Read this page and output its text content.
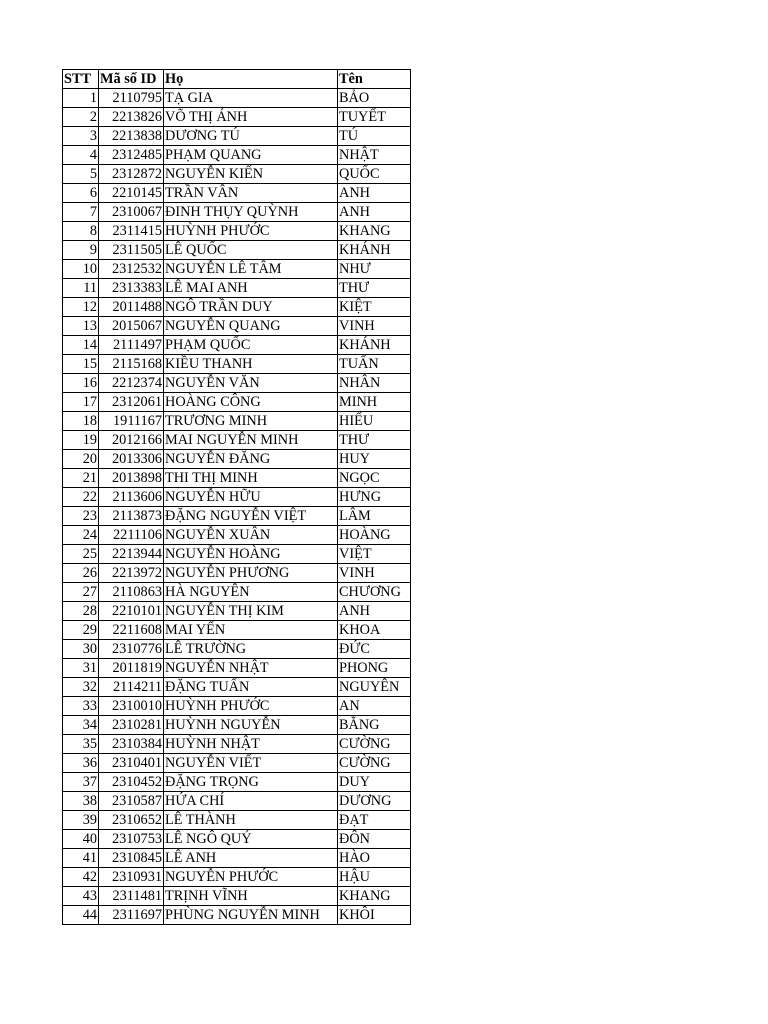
STT	Mã số ID	Họ	Tên
1	2110795	TẠ GIA	BẢO
2	2213826	VÕ THỊ ÁNH	TUYẾT
3	2213838	DƯƠNG TÚ	TÚ
4	2312485	PHẠM QUANG	NHẬT
5	2312872	NGUYỄN KIẾN	QUỐC
6	2210145	TRẦN VÂN	ANH
7	2310067	ĐINH THỤY QUỲNH	ANH
8	2311415	HUỲNH PHƯỚC	KHANG
9	2311505	LÊ QUỐC	KHÁNH
10	2312532	NGUYỄN LÊ TÂM	NHƯ
11	2313383	LÊ MAI ANH	THƯ
12	2011488	NGÔ TRẦN DUY	KIỆT
13	2015067	NGUYỄN QUANG	VINH
14	2111497	PHẠM QUỐC	KHÁNH
15	2115168	KIỀU THANH	TUẤN
16	2212374	NGUYỄN VĂN	NHÂN
17	2312061	HOÀNG CÔNG	MINH
18	1911167	TRƯƠNG MINH	HIẾU
19	2012166	MAI NGUYỄN MINH	THƯ
20	2013306	NGUYỄN ĐĂNG	HUY
21	2013898	THI THỊ MINH	NGỌC
22	2113606	NGUYỄN HỮU	HƯNG
23	2113873	ĐẶNG NGUYỄN VIỆT	LÂM
24	2211106	NGUYỄN XUÂN	HOÀNG
25	2213944	NGUYỄN HOÀNG	VIỆT
26	2213972	NGUYỄN PHƯƠNG	VINH
27	2110863	HÀ NGUYÊN	CHƯƠNG
28	2210101	NGUYỄN THỊ KIM	ANH
29	2211608	MAI YẾN	KHOA
30	2310776	LÊ TRƯỜNG	ĐỨC
31	2011819	NGUYỄN NHẬT	PHONG
32	2114211	ĐẶNG TUẤN	NGUYÊN
33	2310010	HUỲNH PHƯỚC	AN
34	2310281	HUỲNH NGUYỄN	BẰNG
35	2310384	HUỲNH NHẬT	CƯỜNG
36	2310401	NGUYỄN VIẾT	CƯỜNG
37	2310452	ĐẶNG TRỌNG	DUY
38	2310587	HỨA CHÍ	DƯƠNG
39	2310652	LÊ THÀNH	ĐẠT
40	2310753	LÊ NGÔ QUÝ	ĐÔN
41	2310845	LÊ ANH	HÀO
42	2310931	NGUYỄN PHƯỚC	HẬU
43	2311481	TRỊNH VĨNH	KHANG
44	2311697	PHÙNG NGUYỄN MINH	KHÔI
